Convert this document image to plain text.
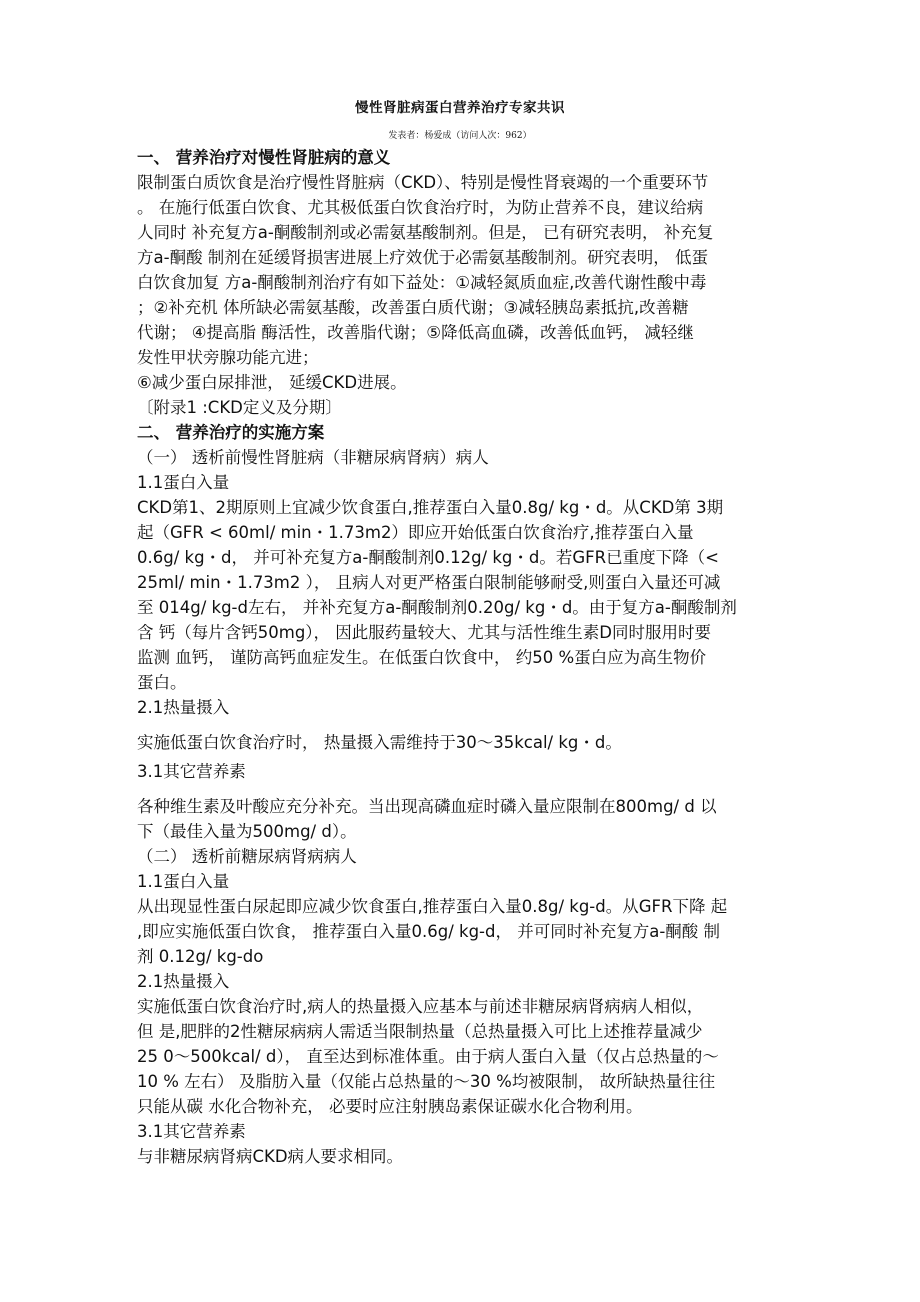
慢性肾脏病蛋白营养治疗专家共识
发表者：杨爱成（访问人次：962）
一、 营养治疗对慢性肾脏病的意义
限制蛋白质饮食是治疗慢性肾脏病（CKD）、特别是慢性肾衰竭的一个重要环节
。 在施行低蛋白饮食、尤其极低蛋白饮食治疗时，为防止营养不良，建议给病
人同时 补充复方a-酮酸制剂或必需氨基酸制剂。但是， 已有研究表明， 补充复
方a-酮酸 制剂在延缓肾损害进展上疗效优于必需氨基酸制剂。研究表明， 低蛋
白饮食加复 方a-酮酸制剂治疗有如下益处：①减轻氮质血症,改善代谢性酸中毒
；②补充机 体所缺必需氨基酸，改善蛋白质代谢；③减轻胰岛素抵抗,改善糖
代谢； ④提高脂 酶活性，改善脂代谢；⑤降低高血磷，改善低血钙， 减轻继
发性甲状旁腺功能亢进；
⑥减少蛋白尿排泄， 延缓CKD进展。
〔附录1 :CKD定义及分期〕
二、 营养治疗的实施方案
（一） 透析前慢性肾脏病（非糖尿病肾病）病人
1.1蛋白入量
CKD第1、2期原则上宜减少饮食蛋白,推荐蛋白入量0.8g/ kg・d。从CKD第 3期
起（GFR < 60ml/ min・1.73m2）即应开始低蛋白饮食治疗,推荐蛋白入量
0.6g/ kg・d， 并可补充复方a-酮酸制剂0.12g/ kg・d。若GFR已重度下降（<
25ml/ min・1.73m2 ）， 且病人对更严格蛋白限制能够耐受,则蛋白入量还可减
至 014g/ kg-d左右， 并补充复方a-酮酸制剂0.20g/ kg・d。由于复方a-酮酸制剂
含 钙（每片含钙50mg）， 因此服药量较大、尤其与活性维生素D同时服用时要
监测 血钙， 谨防高钙血症发生。在低蛋白饮食中， 约50 %蛋白应为高生物价
蛋白。
2.1热量摄入
实施低蛋白饮食治疗时， 热量摄入需维持于30～35kcal/ kg・d。
3.1其它营养素
各种维生素及叶酸应充分补充。当出现高磷血症时磷入量应限制在800mg/ d 以
下（最佳入量为500mg/ d）。
（二） 透析前糖尿病肾病病人
1.1蛋白入量
从出现显性蛋白尿起即应减少饮食蛋白,推荐蛋白入量0.8g/ kg-d。从GFR下降 起
,即应实施低蛋白饮食， 推荐蛋白入量0.6g/ kg-d， 并可同时补充复方a-酮酸 制
剂 0.12g/ kg-do
2.1热量摄入
实施低蛋白饮食治疗时,病人的热量摄入应基本与前述非糖尿病肾病病人相似，
但 是,肥胖的2性糖尿病病人需适当限制热量（总热量摄入可比上述推荐量减少
25 0～500kcal/ d）， 直至达到标准体重。由于病人蛋白入量（仅占总热量的～
10 % 左右） 及脂肪入量（仅能占总热量的～30 %均被限制， 故所缺热量往往
只能从碳 水化合物补充， 必要时应注射胰岛素保证碳水化合物利用。
3.1其它营养素
与非糖尿病肾病CKD病人要求相同。
